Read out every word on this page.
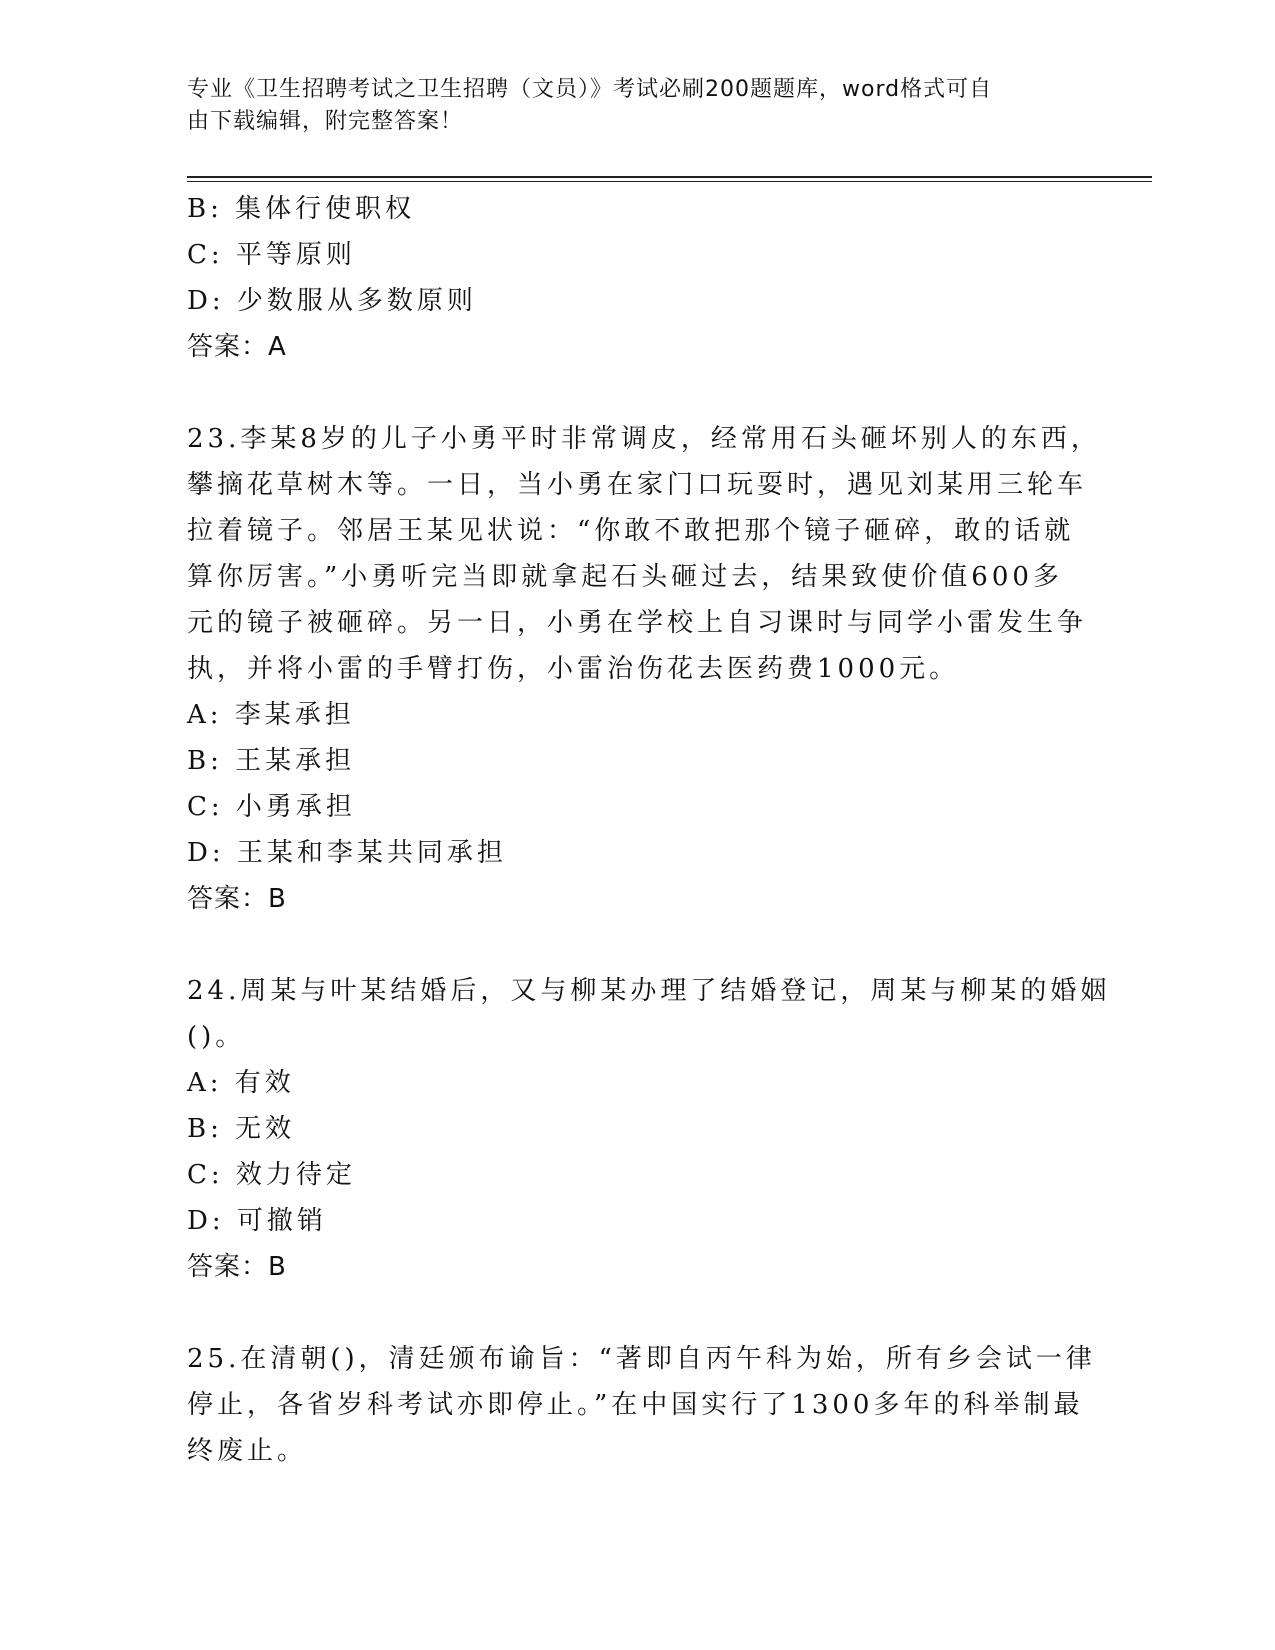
专业《卫生招聘考试之卫生招聘（文员）》考试必刷200题题库，word格式可自
由下载编辑，附完整答案！
B: 集体行使职权
C: 平等原则
D: 少数服从多数原则
答案：A
23.李某8岁的儿子小勇平时非常调皮，经常用石头砸坏别人的东西，
攀摘花草树木等。一日，当小勇在家门口玩耍时，遇见刘某用三轮车
拉着镜子。邻居王某见状说：“你敢不敢把那个镜子砸碎，敢的话就
算你厉害。”小勇听完当即就拿起石头砸过去，结果致使价值600多
元的镜子被砸碎。另一日，小勇在学校上自习课时与同学小雷发生争
执，并将小雷的手臂打伤，小雷治伤花去医药费1000元。
A: 李某承担
B: 王某承担
C: 小勇承担
D: 王某和李某共同承担
答案：B
24.周某与叶某结婚后，又与柳某办理了结婚登记，周某与柳某的婚姻
()。
A: 有效
B: 无效
C: 效力待定
D: 可撤销
答案：B
25.在清朝()，清廷颁布谕旨：“著即自丙午科为始，所有乡会试一律
停止，各省岁科考试亦即停止。”在中国实行了1300多年的科举制最
终废止。
